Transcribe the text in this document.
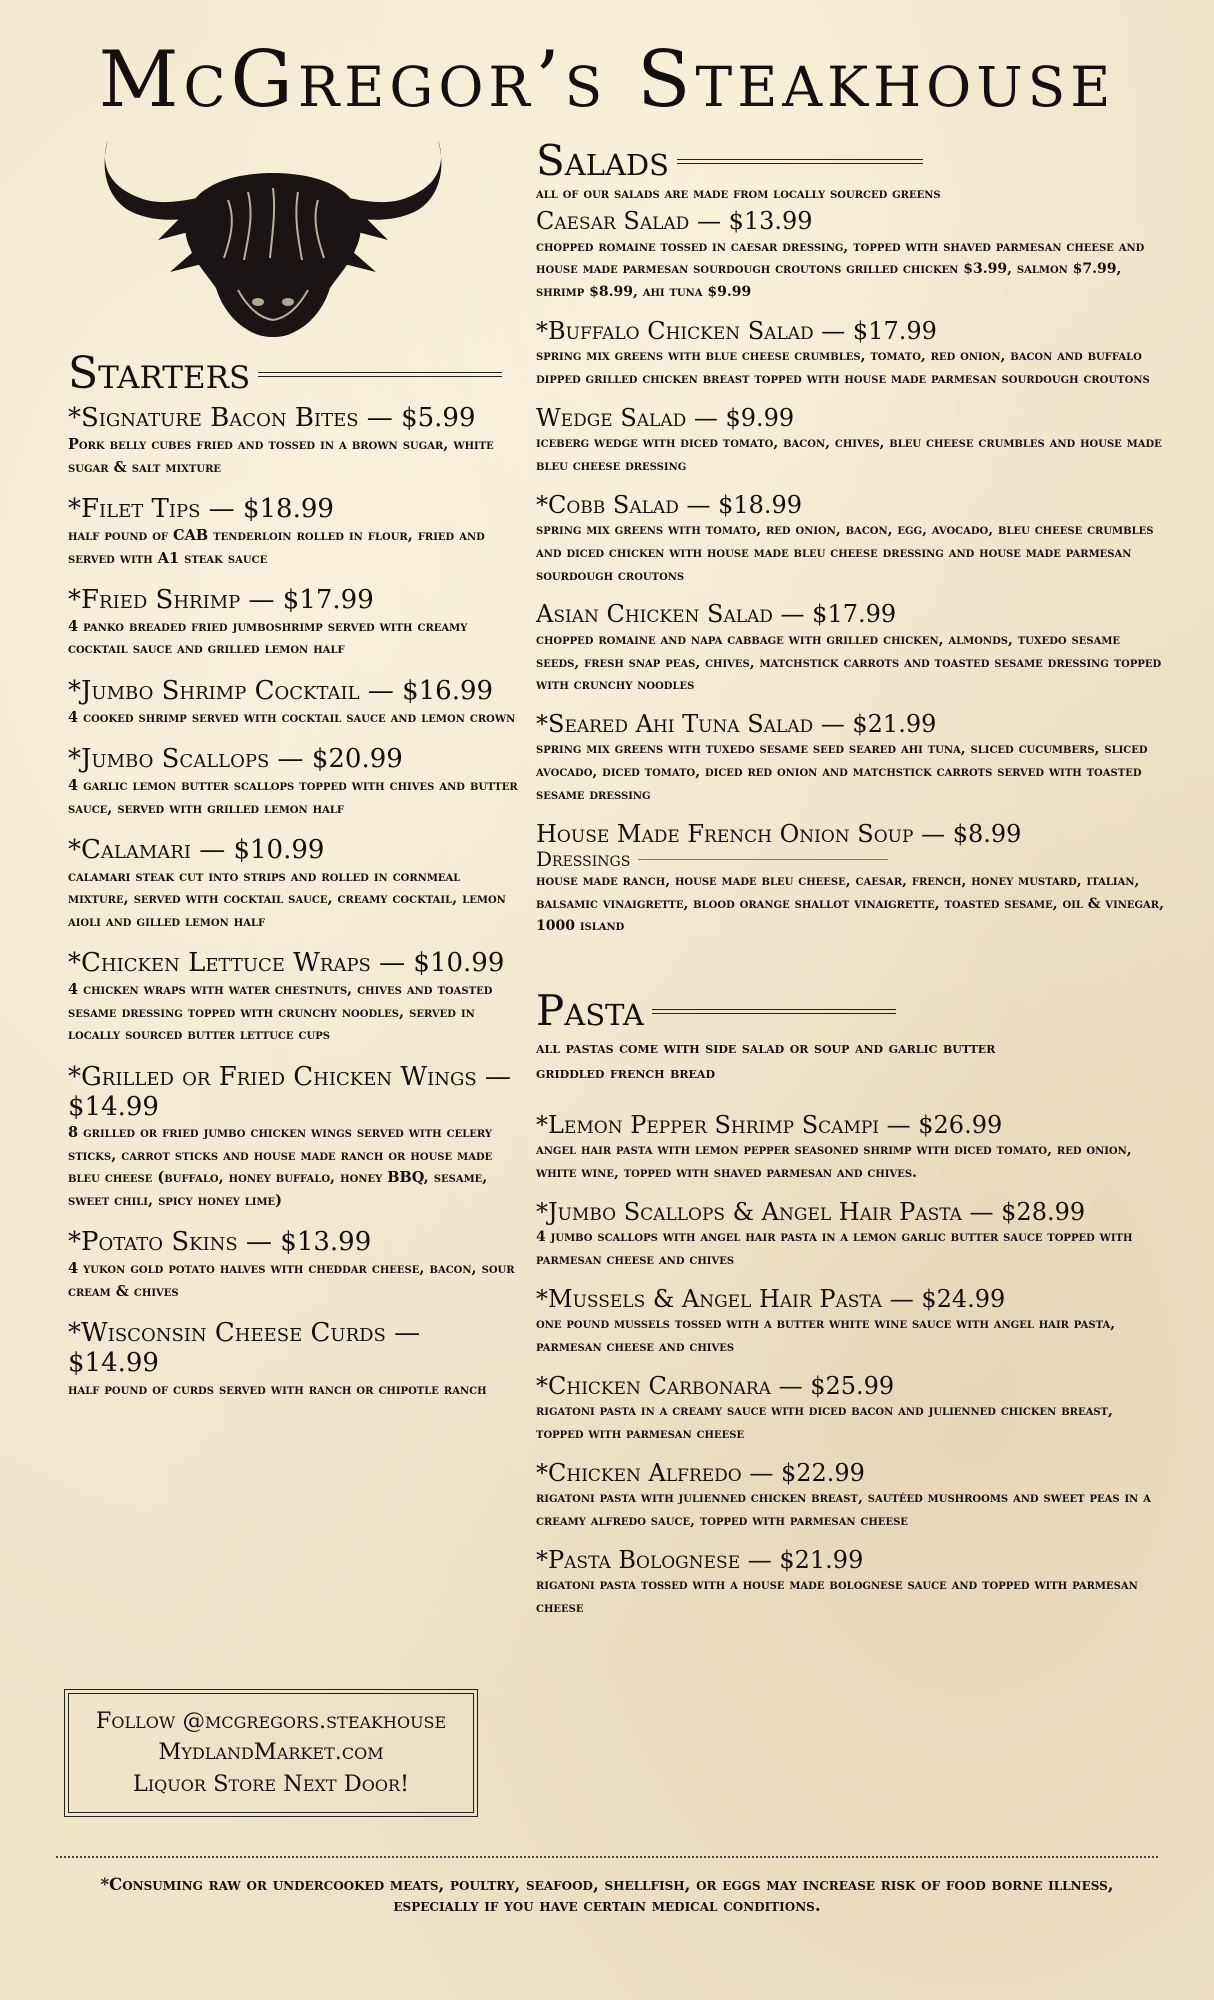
McGregor’s Steakhouse
Starters
*Signature Bacon Bites — $5.99
Pork belly cubes fried and tossed in a brown sugar, white sugar & salt mixture
*Filet Tips — $18.99
half pound of CAB tenderloin rolled in flour, fried and served with A1 steak sauce
*Fried Shrimp — $17.99
4 panko breaded fried jumboshrimp served with creamy cocktail sauce and grilled lemon half
*Jumbo Shrimp Cocktail — $16.99
4 cooked shrimp served with cocktail sauce and lemon crown
*Jumbo Scallops — $20.99
4 garlic lemon butter scallops topped with chives and butter sauce, served with grilled lemon half
*Calamari — $10.99
calamari steak cut into strips and rolled in cornmeal mixture, served with cocktail sauce, creamy cocktail, lemon aioli and gilled lemon half
*Chicken Lettuce Wraps — $10.99
4 chicken wraps with water chestnuts, chives and toasted sesame dressing topped with crunchy noodles, served in locally sourced butter lettuce cups
*Grilled or Fried Chicken Wings — $14.99
8 grilled or fried jumbo chicken wings served with celery sticks, carrot sticks and house made ranch or house made bleu cheese (buffalo, honey buffalo, honey BBQ, sesame, sweet chili, spicy honey lime)
*Potato Skins — $13.99
4 yukon gold potato halves with cheddar cheese, bacon, sour cream & chives
*Wisconsin Cheese Curds — $14.99
half pound of curds served with ranch or chipotle ranch
Follow @mcgregors.steakhouse
MydlandMarket.com
Liquor Store Next Door!
Salads
all of our salads are made from locally sourced greens
Caesar Salad — $13.99
chopped romaine tossed in caesar dressing, topped with shaved parmesan cheese and house made parmesan sourdough croutons grilled chicken $3.99, salmon $7.99, shrimp $8.99, ahi tuna $9.99
*Buffalo Chicken Salad — $17.99
spring mix greens with blue cheese crumbles, tomato, red onion, bacon and buffalo dipped grilled chicken breast topped with house made parmesan sourdough croutons
Wedge Salad — $9.99
iceberg wedge with diced tomato, bacon, chives, bleu cheese crumbles and house made bleu cheese dressing
*Cobb Salad — $18.99
spring mix greens with tomato, red onion, bacon, egg, avocado, bleu cheese crumbles and diced chicken with house made bleu cheese dressing and house made parmesan sourdough croutons
Asian Chicken Salad — $17.99
chopped romaine and napa cabbage with grilled chicken, almonds, tuxedo sesame seeds, fresh snap peas, chives, matchstick carrots and toasted sesame dressing topped with crunchy noodles
*Seared Ahi Tuna Salad — $21.99
spring mix greens with tuxedo sesame seed seared ahi tuna, sliced cucumbers, sliced avocado, diced tomato, diced red onion and matchstick carrots served with toasted sesame dressing
House Made French Onion Soup — $8.99
Dressings
house made ranch, house made bleu cheese, caesar, french, honey mustard, italian, balsamic vinaigrette, blood orange shallot vinaigrette, toasted sesame, oil & vinegar, 1000 island
Pasta
all pastas come with side salad or soup and garlic butter griddled french bread
*Lemon Pepper Shrimp Scampi — $26.99
angel hair pasta with lemon pepper seasoned shrimp with diced tomato, red onion, white wine, topped with shaved parmesan and chives.
*Jumbo Scallops & Angel Hair Pasta — $28.99
4 jumbo scallops with angel hair pasta in a lemon garlic butter sauce topped with parmesan cheese and chives
*Mussels & Angel Hair Pasta — $24.99
one pound mussels tossed with a butter white wine sauce with angel hair pasta, parmesan cheese and chives
*Chicken Carbonara — $25.99
rigatoni pasta in a creamy sauce with diced bacon and julienned chicken breast, topped with parmesan cheese
*Chicken Alfredo — $22.99
rigatoni pasta with julienned chicken breast, sautéed mushrooms and sweet peas in a creamy alfredo sauce, topped with parmesan cheese
*Pasta Bolognese — $21.99
rigatoni pasta tossed with a house made bolognese sauce and topped with parmesan cheese
*Consuming raw or undercooked meats, poultry, seafood, shellfish, or eggs may increase risk of food borne illness,
especially if you have certain medical conditions.
